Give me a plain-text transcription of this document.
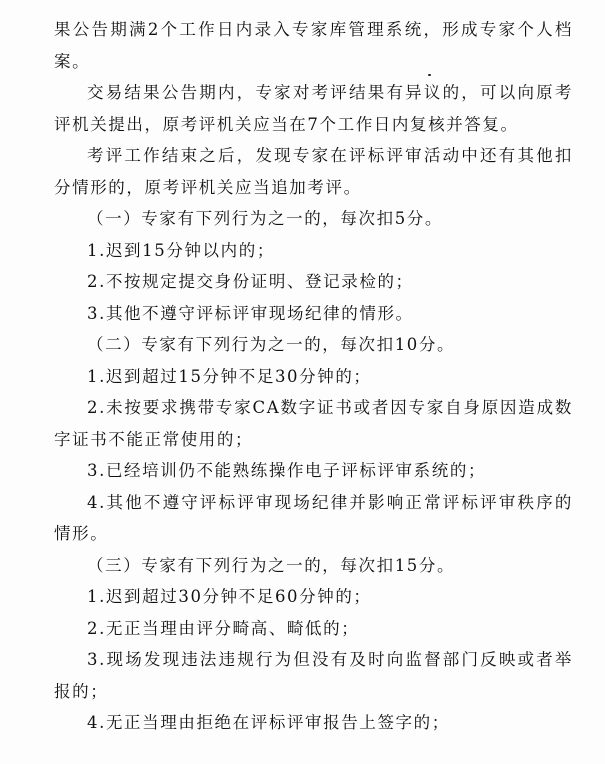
果公告期满2个工作日内录入专家库管理系统，形成专家个人档案。

交易结果公告期内，专家对考评结果有异议的，可以向原考评机关提出，原考评机关应当在7个工作日内复核并答复。

考评工作结束之后，发现专家在评标评审活动中还有其他扣分情形的，原考评机关应当追加考评。

（一）专家有下列行为之一的，每次扣5分。

1.迟到15分钟以内的；

2.不按规定提交身份证明、登记录检的；

3.其他不遵守评标评审现场纪律的情形。

（二）专家有下列行为之一的，每次扣10分。

1.迟到超过15分钟不足30分钟的；

2.未按要求携带专家CA数字证书或者因专家自身原因造成数字证书不能正常使用的；

3.已经培训仍不能熟练操作电子评标评审系统的；

4.其他不遵守评标评审现场纪律并影响正常评标评审秩序的情形。

（三）专家有下列行为之一的，每次扣15分。

1.迟到超过30分钟不足60分钟的；

2.无正当理由评分畸高、畸低的；

3.现场发现违法违规行为但没有及时向监督部门反映或者举报的；

4.无正当理由拒绝在评标评审报告上签字的；
